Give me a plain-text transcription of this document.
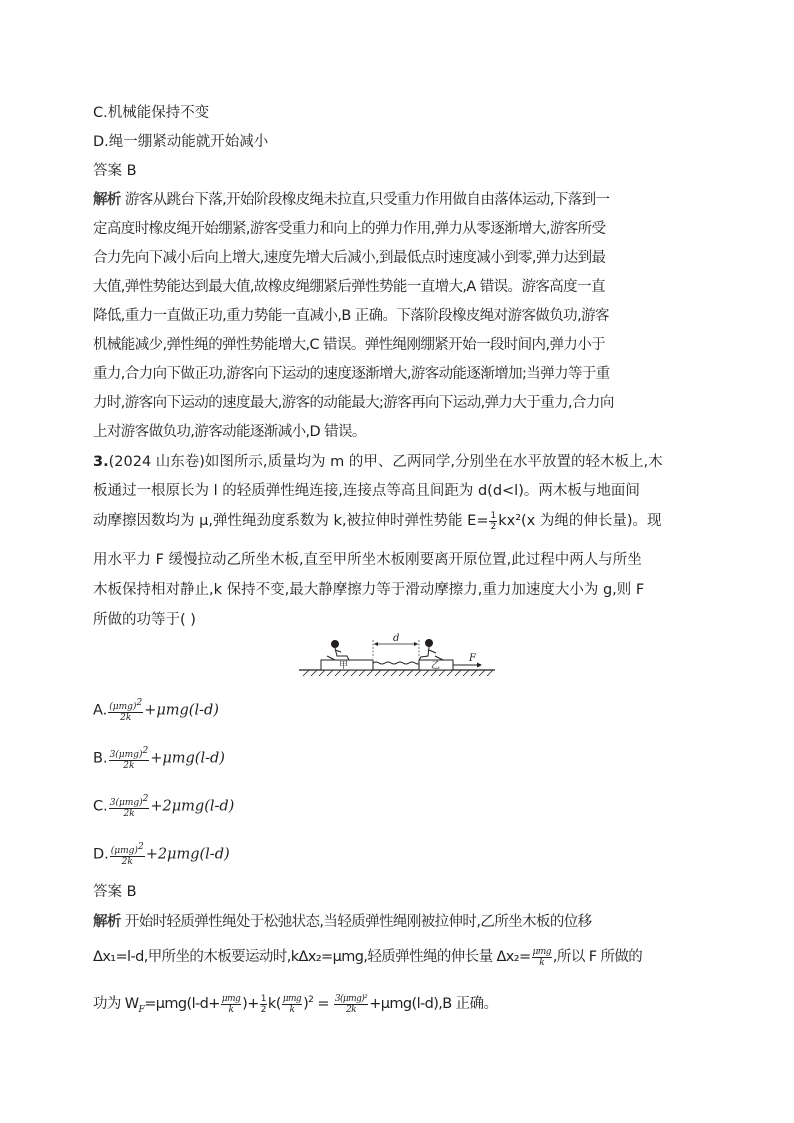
C.机械能保持不变
D.绳一绷紧动能就开始减小
答案 B
解析 游客从跳台下落,开始阶段橡皮绳未拉直,只受重力作用做自由落体运动,下落到一
定高度时橡皮绳开始绷紧,游客受重力和向上的弹力作用,弹力从零逐渐增大,游客所受
合力先向下减小后向上增大,速度先增大后减小,到最低点时速度减小到零,弹力达到最
大值,弹性势能达到最大值,故橡皮绳绷紧后弹性势能一直增大,A 错误。游客高度一直
降低,重力一直做正功,重力势能一直减小,B 正确。下落阶段橡皮绳对游客做负功,游客
机械能减少,弹性绳的弹性势能增大,C 错误。弹性绳刚绷紧开始一段时间内,弹力小于
重力,合力向下做正功,游客向下运动的速度逐渐增大,游客动能逐渐增加;当弹力等于重
力时,游客向下运动的速度最大,游客的动能最大;游客再向下运动,弹力大于重力,合力向
上对游客做负功,游客动能逐渐减小,D 错误。
3.(2024 山东卷)如图所示,质量均为 m 的甲、乙两同学,分别坐在水平放置的轻木板上,木
板通过一根原长为 l 的轻质弹性绳连接,连接点等高且间距为 d(d<l)。两木板与地面间
动摩擦因数均为 μ,弹性绳劲度系数为 k,被拉伸时弹性势能 $E= \frac{1}{2} kx^2(x$ 为绳的伸长量)。现
用水平力 F 缓慢拉动乙所坐木板,直至甲所坐木板刚要离开原位置,此过程中两人与所坐
木板保持相对静止,k 保持不变,最大静摩擦力等于滑动摩擦力,重力加速度大小为 g,则 F
所做的功等于( )
甲
d
乙
F
A. $\frac{(\mu mg)^2}{2k} +\mu mg(l-d)$
B. $\frac{3(\mu mg)^2}{2k} +\mu mg(l-d)$
C. $\frac{3(\mu mg)^2}{2k} +2\mu mg(l-d)$
D. $\frac{(\mu mg)^2}{2k} +2\mu mg(l-d)$
答案 B
解析 开始时轻质弹性绳处于松弛状态,当轻质弹性绳刚被拉伸时,乙所坐木板的位移
Δx₁=l-d,甲所坐的木板要运动时,kΔx₂=μmg,轻质弹性绳的伸长量 $\Delta x_2= \frac{\text{μmg}}{k}$ ,所以 F 所做的
功为 $W_F=\mu mg(l-d+ \frac{\text{μmg}}{k}$ )+ $\frac{1}{2} k( \frac{\text{μmg}}{k} )^2 = \frac{\text{3(μmg)²}}{2k} +\mu mg(l-d),B$ 正确。
